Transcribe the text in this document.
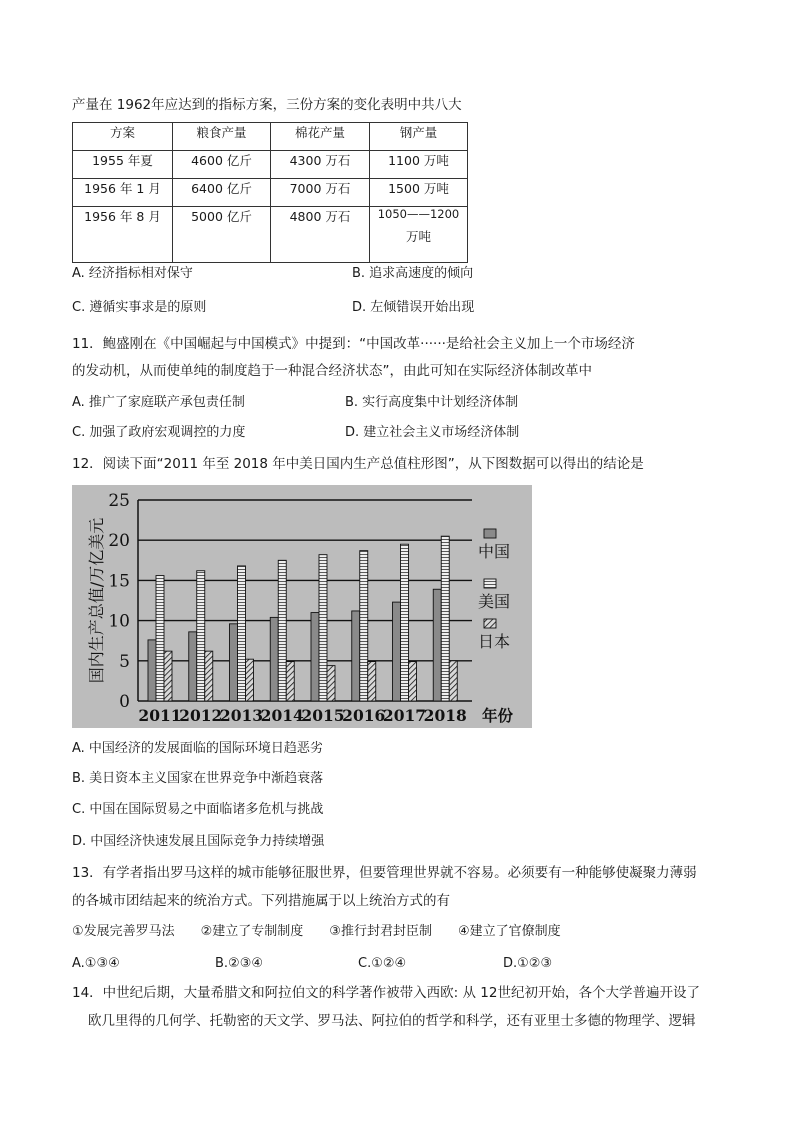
产量在 1962年应达到的指标方案，三份方案的变化表明中共八大
方案	粮食产量	棉花产量	钢产量
1955 年夏	4600 亿斤	4300 万石	1100 万吨
1956 年 1 月	6400 亿斤	7000 万石	1500 万吨
1956 年 8 月	5000 亿斤	4800 万石	1050——1200
万吨
A. 经济指标相对保守	B. 追求高速度的倾向
C. 遵循实事求是的原则	D. 左倾错误开始出现
11．鲍盛刚在《中国崛起与中国模式》中提到：“中国改革······是给社会主义加上一个市场经济
的发动机，从而使单纯的制度趋于一种混合经济状态”，由此可知在实际经济体制改革中
A. 推广了家庭联产承包责任制	B. 实行高度集中计划经济体制
C. 加强了政府宏观调控的力度	D. 建立社会主义市场经济体制
12．阅读下面“2011 年至 2018 年中美日国内生产总值柱形图”，从下图数据可以得出的结论是
0
5
10
15
20
25
国内生产总值/万亿美元
2011
2012
2013
2014
2015
2016
2017
2018 年份
中国
美国
日本
A. 中国经济的发展面临的国际环境日趋恶劣
B. 美日资本主义国家在世界竞争中渐趋衰落
C. 中国在国际贸易之中面临诸多危机与挑战
D. 中国经济快速发展且国际竞争力持续增强
13．有学者指出罗马这样的城市能够征服世界，但要管理世界就不容易。必须要有一种能够使凝聚力薄弱
的各城市团结起来的统治方式。下列措施属于以上统治方式的有
①发展完善罗马法　　②建立了专制制度　　③推行封君封臣制　　④建立了官僚制度
A.①③④	B.②③④	C.①②④	D.①②③
14．中世纪后期，大量希腊文和阿拉伯文的科学著作被带入西欧: 从 12世纪初开始，各个大学普遍开设了
欧几里得的几何学、托勒密的天文学、罗马法、阿拉伯的哲学和科学，还有亚里士多德的物理学、逻辑
